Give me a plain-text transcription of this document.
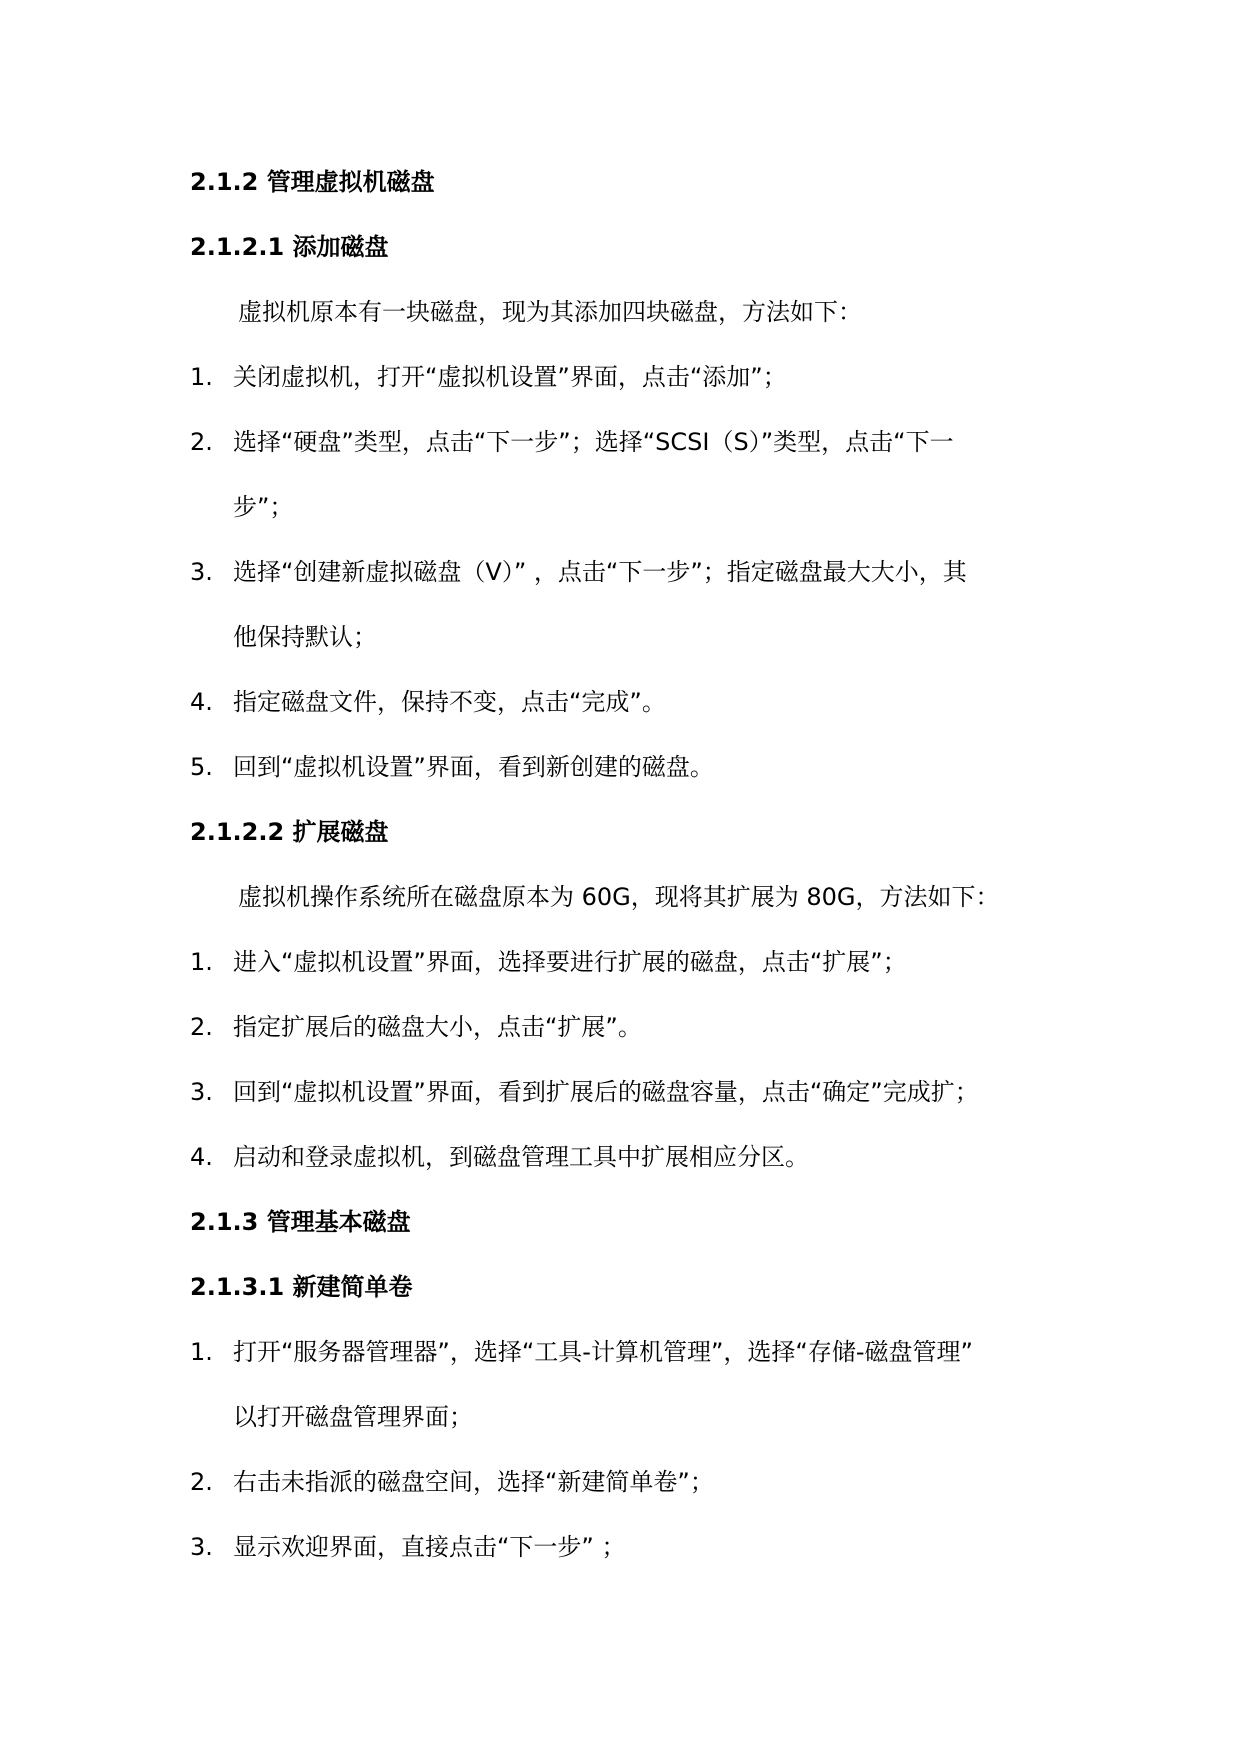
2.1.2 管理虚拟机磁盘
2.1.2.1 添加磁盘
虚拟机原本有一块磁盘，现为其添加四块磁盘，方法如下：
1. 关闭虚拟机，打开“虚拟机设置”界面，点击“添加”；
2. 选择“硬盘”类型，点击“下一步”；选择“SCSI（S）”类型，点击“下一
步”；
3. 选择“创建新虚拟磁盘（V）” ，点击“下一步”；指定磁盘最大大小，其
他保持默认；
4. 指定磁盘文件，保持不变，点击“完成”。
5. 回到“虚拟机设置”界面，看到新创建的磁盘。
2.1.2.2 扩展磁盘
虚拟机操作系统所在磁盘原本为 60G，现将其扩展为 80G，方法如下：
1. 进入“虚拟机设置”界面，选择要进行扩展的磁盘，点击“扩展”；
2. 指定扩展后的磁盘大小，点击“扩展”。
3. 回到“虚拟机设置”界面，看到扩展后的磁盘容量，点击“确定”完成扩；
4. 启动和登录虚拟机，到磁盘管理工具中扩展相应分区。
2.1.3 管理基本磁盘
2.1.3.1 新建简单卷
1. 打开“服务器管理器”，选择“工具-计算机管理”，选择“存储-磁盘管理”
以打开磁盘管理界面；
2. 右击未指派的磁盘空间，选择“新建简单卷”；
3. 显示欢迎界面，直接点击“下一步” ；
